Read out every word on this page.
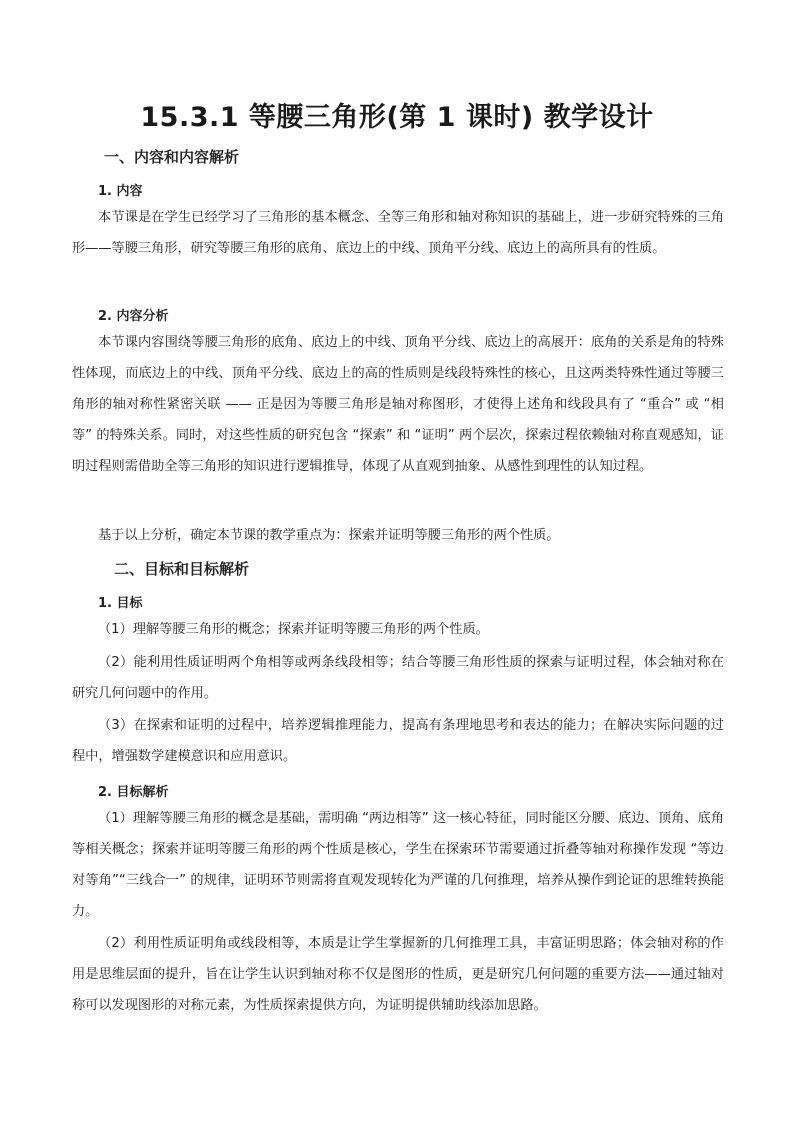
15.3.1 等腰三角形(第 1 课时) 教学设计
一、内容和内容解析
1. 内容
本节课是在学生已经学习了三角形的基本概念、全等三角形和轴对称知识的基础上，进一步研究特殊的三角形——等腰三角形，研究等腰三角形的底角、底边上的中线、顶角平分线、底边上的高所具有的性质。
2. 内容分析
本节课内容围绕等腰三角形的底角、底边上的中线、顶角平分线、底边上的高展开：底角的关系是角的特殊性体现，而底边上的中线、顶角平分线、底边上的高的性质则是线段特殊性的核心，且这两类特殊性通过等腰三角形的轴对称性紧密关联 —— 正是因为等腰三角形是轴对称图形，才使得上述角和线段具有了 “重合” 或 “相等” 的特殊关系。同时，对这些性质的研究包含 “探索” 和 “证明” 两个层次，探索过程依赖轴对称直观感知，证明过程则需借助全等三角形的知识进行逻辑推导，体现了从直观到抽象、从感性到理性的认知过程。
基于以上分析，确定本节课的教学重点为：探索并证明等腰三角形的两个性质。
二、目标和目标解析
1. 目标
（1）理解等腰三角形的概念；探索并证明等腰三角形的两个性质。
（2）能利用性质证明两个角相等或两条线段相等；结合等腰三角形性质的探索与证明过程，体会轴对称在研究几何问题中的作用。
（3）在探索和证明的过程中，培养逻辑推理能力，提高有条理地思考和表达的能力；在解决实际问题的过程中，增强数学建模意识和应用意识。
2. 目标解析
（1）理解等腰三角形的概念是基础，需明确 “两边相等” 这一核心特征，同时能区分腰、底边、顶角、底角等相关概念；探索并证明等腰三角形的两个性质是核心，学生在探索环节需要通过折叠等轴对称操作发现 “等边对等角”“三线合一” 的规律，证明环节则需将直观发现转化为严谨的几何推理，培养从操作到论证的思维转换能力。
（2）利用性质证明角或线段相等，本质是让学生掌握新的几何推理工具，丰富证明思路；体会轴对称的作用是思维层面的提升，旨在让学生认识到轴对称不仅是图形的性质，更是研究几何问题的重要方法——通过轴对称可以发现图形的对称元素，为性质探索提供方向，为证明提供辅助线添加思路。
